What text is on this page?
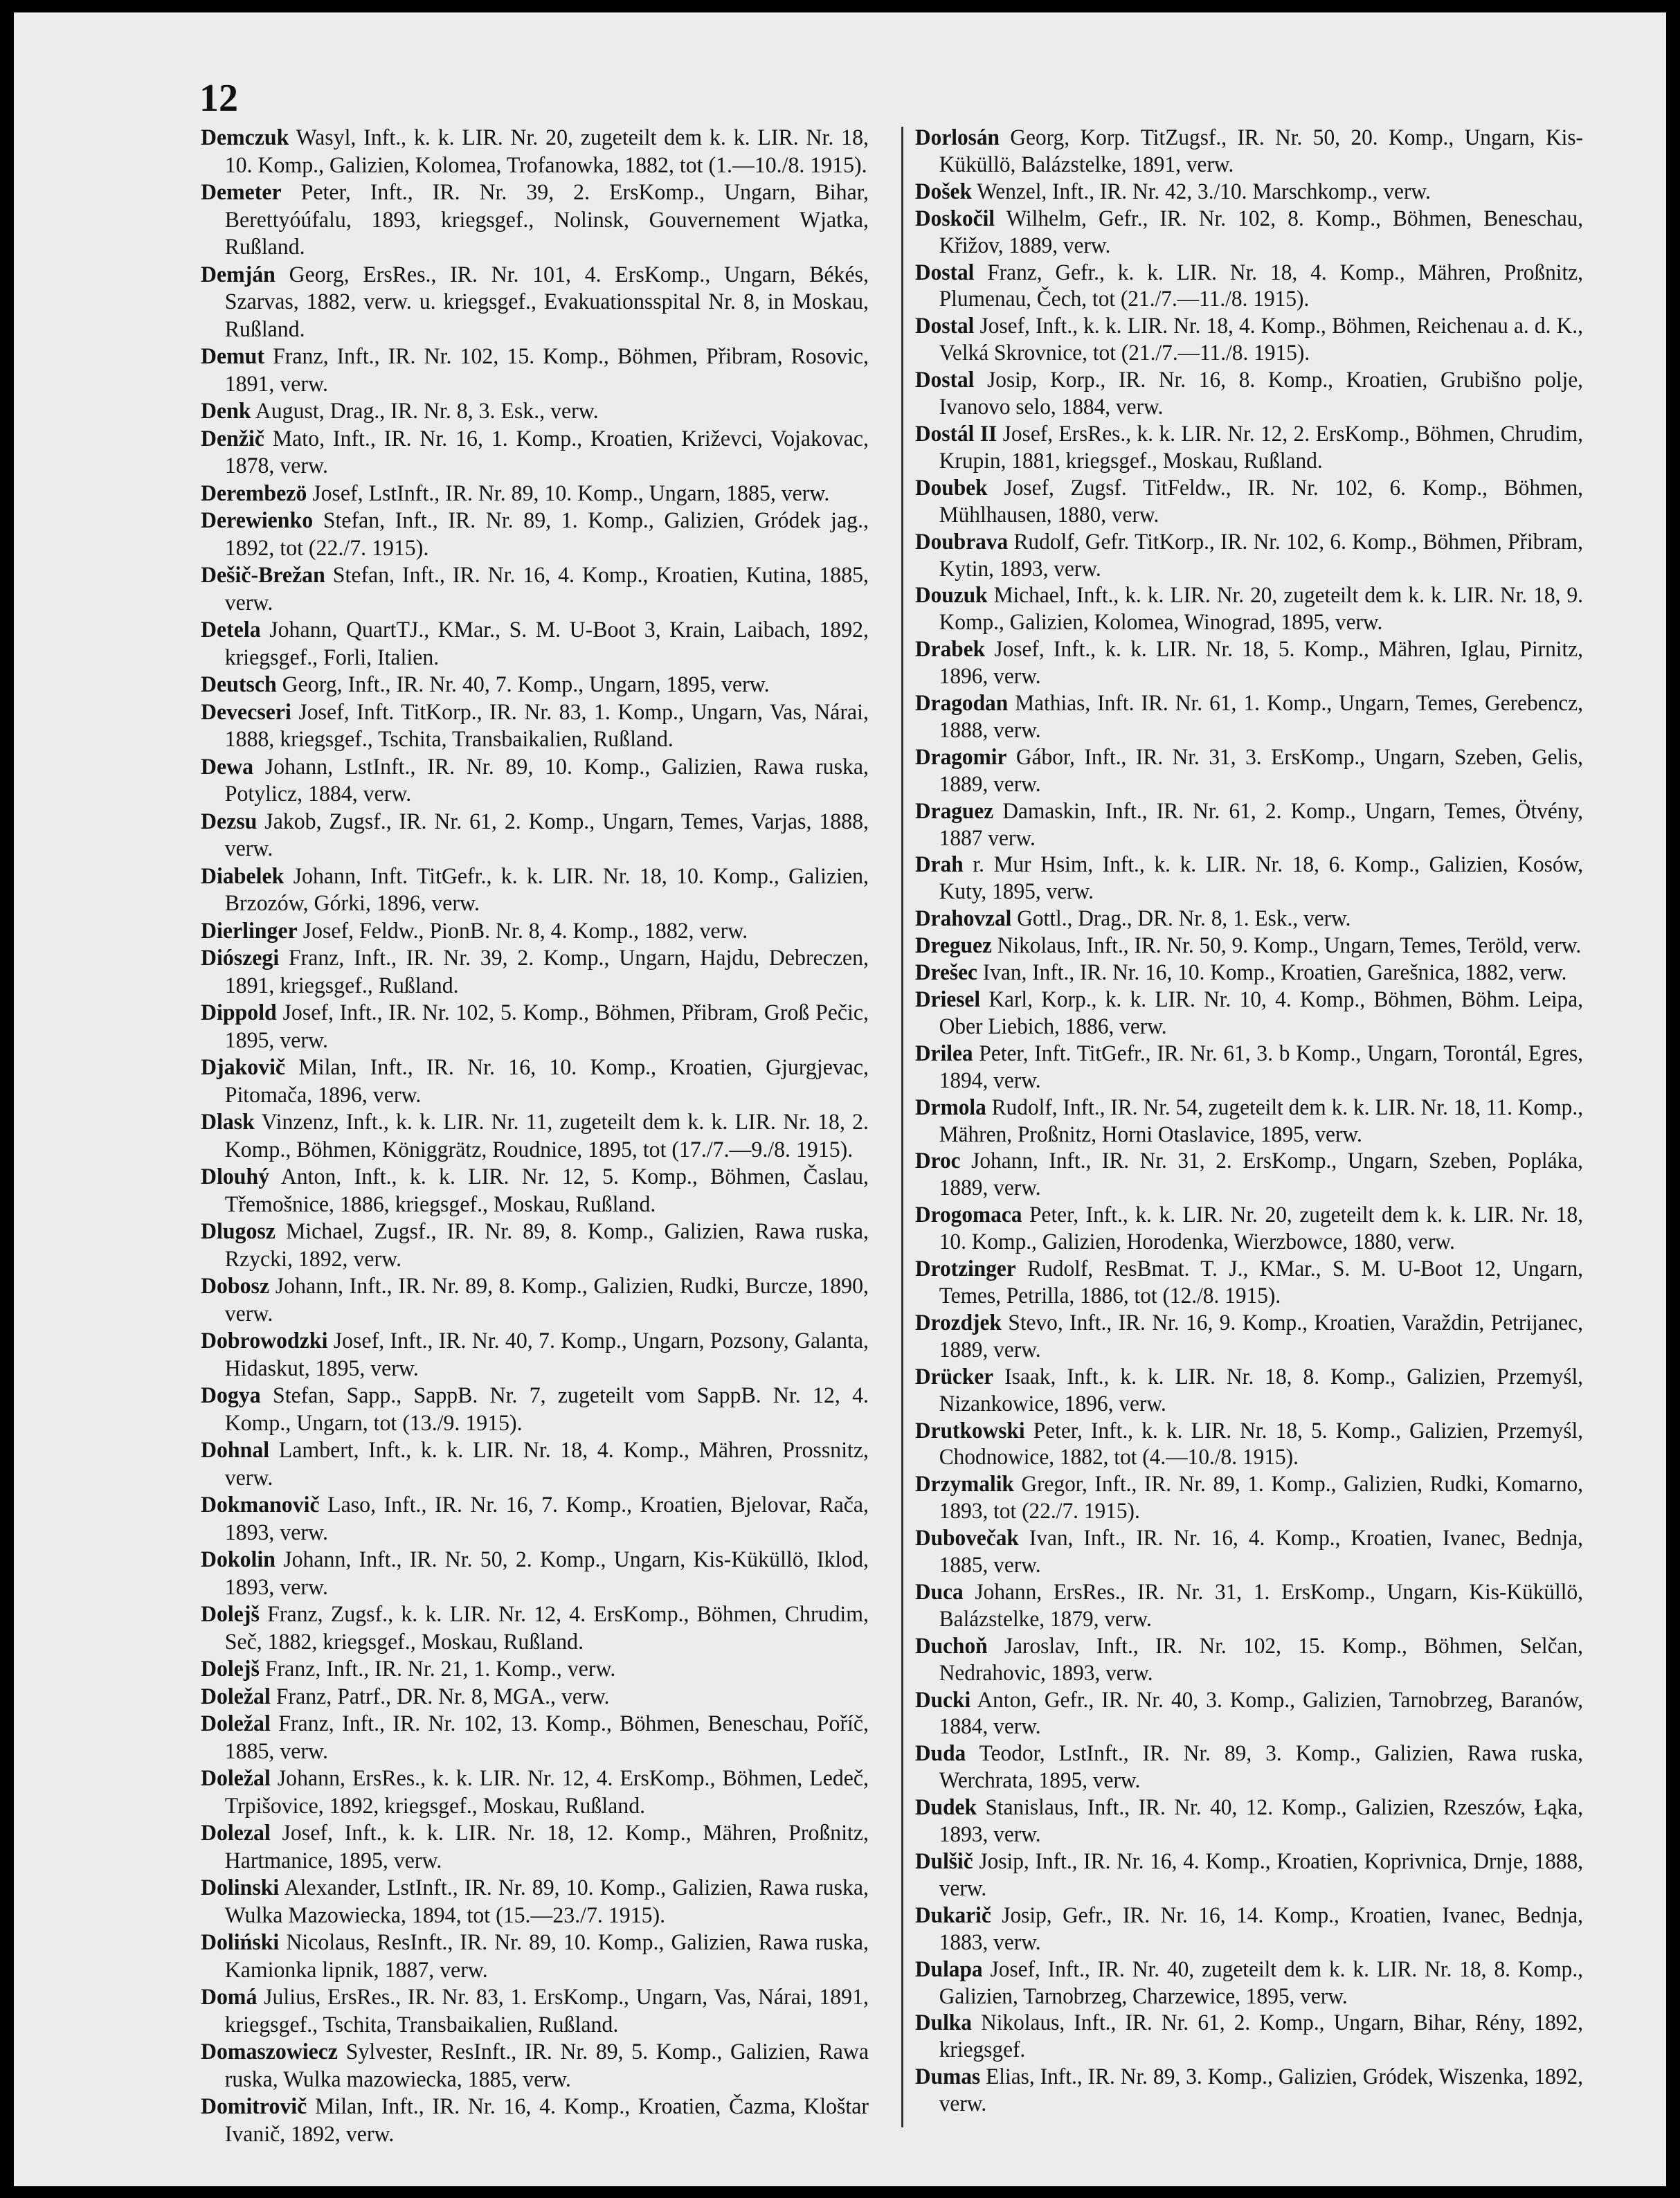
12

Demczuk Wasyl, Inft., k. k. LIR. Nr. 20, zugeteilt dem k. k. LIR. Nr. 18, 10. Komp., Galizien, Kolomea, Trofanowka, 1882, tot (1.—10./8. 1915).

Demeter Peter, Inft., IR. Nr. 39, 2. ErsKomp., Ungarn, Bihar, Berettyóúfalu, 1893, kriegsgef., Nolinsk, Gouvernement Wjatka, Rußland.

Demján Georg, ErsRes., IR. Nr. 101, 4. ErsKomp., Ungarn, Békés, Szarvas, 1882, verw. u. kriegsgef., Evakuationsspital Nr. 8, in Moskau, Rußland.

Demut Franz, Inft., IR. Nr. 102, 15. Komp., Böhmen, Přibram, Rosovic, 1891, verw.

Denk August, Drag., IR. Nr. 8, 3. Esk., verw.

Denžič Mato, Inft., IR. Nr. 16, 1. Komp., Kroatien, Križevci, Vojakovac, 1878, verw.

Derembezö Josef, LstInft., IR. Nr. 89, 10. Komp., Ungarn, 1885, verw.

Derewienko Stefan, Inft., IR. Nr. 89, 1. Komp., Galizien, Gródek jag., 1892, tot (22./7. 1915).

Dešič-Brežan Stefan, Inft., IR. Nr. 16, 4. Komp., Kroatien, Kutina, 1885, verw.

Detela Johann, QuartTJ., KMar., S. M. U-Boot 3, Krain, Laibach, 1892, kriegsgef., Forli, Italien.

Deutsch Georg, Inft., IR. Nr. 40, 7. Komp., Ungarn, 1895, verw.

Devecseri Josef, Inft. TitKorp., IR. Nr. 83, 1. Komp., Ungarn, Vas, Nárai, 1888, kriegsgef., Tschita, Transbaikalien, Rußland.

Dewa Johann, LstInft., IR. Nr. 89, 10. Komp., Galizien, Rawa ruska, Potylicz, 1884, verw.

Dezsu Jakob, Zugsf., IR. Nr. 61, 2. Komp., Ungarn, Temes, Varjas, 1888, verw.

Diabelek Johann, Inft. TitGefr., k. k. LIR. Nr. 18, 10. Komp., Galizien, Brzozów, Górki, 1896, verw.

Dierlinger Josef, Feldw., PionB. Nr. 8, 4. Komp., 1882, verw.

Diószegi Franz, Inft., IR. Nr. 39, 2. Komp., Ungarn, Hajdu, Debreczen, 1891, kriegsgef., Rußland.

Dippold Josef, Inft., IR. Nr. 102, 5. Komp., Böhmen, Přibram, Groß Pečic, 1895, verw.

Djakovič Milan, Inft., IR. Nr. 16, 10. Komp., Kroatien, Gjurgjevac, Pitomača, 1896, verw.

Dlask Vinzenz, Inft., k. k. LIR. Nr. 11, zugeteilt dem k. k. LIR. Nr. 18, 2. Komp., Böhmen, Königgrätz, Roudnice, 1895, tot (17./7.—9./8. 1915).

Dlouhý Anton, Inft., k. k. LIR. Nr. 12, 5. Komp., Böhmen, Časlau, Třemošnice, 1886, kriegsgef., Moskau, Rußland.

Dlugosz Michael, Zugsf., IR. Nr. 89, 8. Komp., Galizien, Rawa ruska, Rzycki, 1892, verw.

Dobosz Johann, Inft., IR. Nr. 89, 8. Komp., Galizien, Rudki, Burcze, 1890, verw.

Dobrowodzki Josef, Inft., IR. Nr. 40, 7. Komp., Ungarn, Pozsony, Galanta, Hidaskut, 1895, verw.

Dogya Stefan, Sapp., SappB. Nr. 7, zugeteilt vom SappB. Nr. 12, 4. Komp., Ungarn, tot (13./9. 1915).

Dohnal Lambert, Inft., k. k. LIR. Nr. 18, 4. Komp., Mähren, Prossnitz, verw.

Dokmanovič Laso, Inft., IR. Nr. 16, 7. Komp., Kroatien, Bjelovar, Rača, 1893, verw.

Dokolin Johann, Inft., IR. Nr. 50, 2. Komp., Ungarn, Kis-Küküllö, Iklod, 1893, verw.

Dolejš Franz, Zugsf., k. k. LIR. Nr. 12, 4. ErsKomp., Böhmen, Chrudim, Seč, 1882, kriegsgef., Moskau, Rußland.

Dolejš Franz, Inft., IR. Nr. 21, 1. Komp., verw.

Doležal Franz, Patrf., DR. Nr. 8, MGA., verw.

Doležal Franz, Inft., IR. Nr. 102, 13. Komp., Böhmen, Beneschau, Poříč, 1885, verw.

Doležal Johann, ErsRes., k. k. LIR. Nr. 12, 4. ErsKomp., Böhmen, Ledeč, Trpišovice, 1892, kriegsgef., Moskau, Rußland.

Dolezal Josef, Inft., k. k. LIR. Nr. 18, 12. Komp., Mähren, Proßnitz, Hartmanice, 1895, verw.

Dolinski Alexander, LstInft., IR. Nr. 89, 10. Komp., Galizien, Rawa ruska, Wulka Mazowiecka, 1894, tot (15.—23./7. 1915).

Doliński Nicolaus, ResInft., IR. Nr. 89, 10. Komp., Galizien, Rawa ruska, Kamionka lipnik, 1887, verw.

Domá Julius, ErsRes., IR. Nr. 83, 1. ErsKomp., Ungarn, Vas, Nárai, 1891, kriegsgef., Tschita, Transbaikalien, Rußland.

Domaszowiecz Sylvester, ResInft., IR. Nr. 89, 5. Komp., Galizien, Rawa ruska, Wulka mazowiecka, 1885, verw.

Domitrovič Milan, Inft., IR. Nr. 16, 4. Komp., Kroatien, Čazma, Kloštar Ivanič, 1892, verw.

Dorlosán Georg, Korp. TitZugsf., IR. Nr. 50, 20. Komp., Ungarn, Kis-Küküllö, Balázstelke, 1891, verw.

Došek Wenzel, Inft., IR. Nr. 42, 3./10. Marschkomp., verw.

Doskočil Wilhelm, Gefr., IR. Nr. 102, 8. Komp., Böhmen, Beneschau, Křižov, 1889, verw.

Dostal Franz, Gefr., k. k. LIR. Nr. 18, 4. Komp., Mähren, Proßnitz, Plumenau, Čech, tot (21./7.—11./8. 1915).

Dostal Josef, Inft., k. k. LIR. Nr. 18, 4. Komp., Böhmen, Reichenau a. d. K., Velká Skrovnice, tot (21./7.—11./8. 1915).

Dostal Josip, Korp., IR. Nr. 16, 8. Komp., Kroatien, Grubišno polje, Ivanovo selo, 1884, verw.

Dostál II Josef, ErsRes., k. k. LIR. Nr. 12, 2. ErsKomp., Böhmen, Chrudim, Krupin, 1881, kriegsgef., Moskau, Rußland.

Doubek Josef, Zugsf. TitFeldw., IR. Nr. 102, 6. Komp., Böhmen, Mühlhausen, 1880, verw.

Doubrava Rudolf, Gefr. TitKorp., IR. Nr. 102, 6. Komp., Böhmen, Přibram, Kytin, 1893, verw.

Douzuk Michael, Inft., k. k. LIR. Nr. 20, zugeteilt dem k. k. LIR. Nr. 18, 9. Komp., Galizien, Kolomea, Winograd, 1895, verw.

Drabek Josef, Inft., k. k. LIR. Nr. 18, 5. Komp., Mähren, Iglau, Pirnitz, 1896, verw.

Dragodan Mathias, Inft. IR. Nr. 61, 1. Komp., Ungarn, Temes, Gerebencz, 1888, verw.

Dragomir Gábor, Inft., IR. Nr. 31, 3. ErsKomp., Ungarn, Szeben, Gelis, 1889, verw.

Draguez Damaskin, Inft., IR. Nr. 61, 2. Komp., Ungarn, Temes, Ötvény, 1887 verw.

Drah r. Mur Hsim, Inft., k. k. LIR. Nr. 18, 6. Komp., Galizien, Kosów, Kuty, 1895, verw.

Drahovzal Gottl., Drag., DR. Nr. 8, 1. Esk., verw.

Dreguez Nikolaus, Inft., IR. Nr. 50, 9. Komp., Ungarn, Temes, Teröld, verw.

Drešec Ivan, Inft., IR. Nr. 16, 10. Komp., Kroatien, Garešnica, 1882, verw.

Driesel Karl, Korp., k. k. LIR. Nr. 10, 4. Komp., Böhmen, Böhm. Leipa, Ober Liebich, 1886, verw.

Drilea Peter, Inft. TitGefr., IR. Nr. 61, 3. b Komp., Ungarn, Torontál, Egres, 1894, verw.

Drmola Rudolf, Inft., IR. Nr. 54, zugeteilt dem k. k. LIR. Nr. 18, 11. Komp., Mähren, Proßnitz, Horni Otaslavice, 1895, verw.

Droc Johann, Inft., IR. Nr. 31, 2. ErsKomp., Ungarn, Szeben, Popláka, 1889, verw.

Drogomaca Peter, Inft., k. k. LIR. Nr. 20, zugeteilt dem k. k. LIR. Nr. 18, 10. Komp., Galizien, Horodenka, Wierzbowce, 1880, verw.

Drotzinger Rudolf, ResBmat. T. J., KMar., S. M. U-Boot 12, Ungarn, Temes, Petrilla, 1886, tot (12./8. 1915).

Drozdjek Stevo, Inft., IR. Nr. 16, 9. Komp., Kroatien, Varaždin, Petrijanec, 1889, verw.

Drücker Isaak, Inft., k. k. LIR. Nr. 18, 8. Komp., Galizien, Przemyśl, Nizankowice, 1896, verw.

Drutkowski Peter, Inft., k. k. LIR. Nr. 18, 5. Komp., Galizien, Przemyśl, Chodnowice, 1882, tot (4.—10./8. 1915).

Drzymalik Gregor, Inft., IR. Nr. 89, 1. Komp., Galizien, Rudki, Komarno, 1893, tot (22./7. 1915).

Dubovečak Ivan, Inft., IR. Nr. 16, 4. Komp., Kroatien, Ivanec, Bednja, 1885, verw.

Duca Johann, ErsRes., IR. Nr. 31, 1. ErsKomp., Ungarn, Kis-Küküllö, Balázstelke, 1879, verw.

Duchoň Jaroslav, Inft., IR. Nr. 102, 15. Komp., Böhmen, Selčan, Nedrahovic, 1893, verw.

Ducki Anton, Gefr., IR. Nr. 40, 3. Komp., Galizien, Tarnobrzeg, Baranów, 1884, verw.

Duda Teodor, LstInft., IR. Nr. 89, 3. Komp., Galizien, Rawa ruska, Werchrata, 1895, verw.

Dudek Stanislaus, Inft., IR. Nr. 40, 12. Komp., Galizien, Rzeszów, Łąka, 1893, verw.

Dulšič Josip, Inft., IR. Nr. 16, 4. Komp., Kroatien, Koprivnica, Drnje, 1888, verw.

Dukarič Josip, Gefr., IR. Nr. 16, 14. Komp., Kroatien, Ivanec, Bednja, 1883, verw.

Dulapa Josef, Inft., IR. Nr. 40, zugeteilt dem k. k. LIR. Nr. 18, 8. Komp., Galizien, Tarnobrzeg, Charzewice, 1895, verw.

Dulka Nikolaus, Inft., IR. Nr. 61, 2. Komp., Ungarn, Bihar, Rény, 1892, kriegsgef.

Dumas Elias, Inft., IR. Nr. 89, 3. Komp., Galizien, Gródek, Wiszenka, 1892, verw.
